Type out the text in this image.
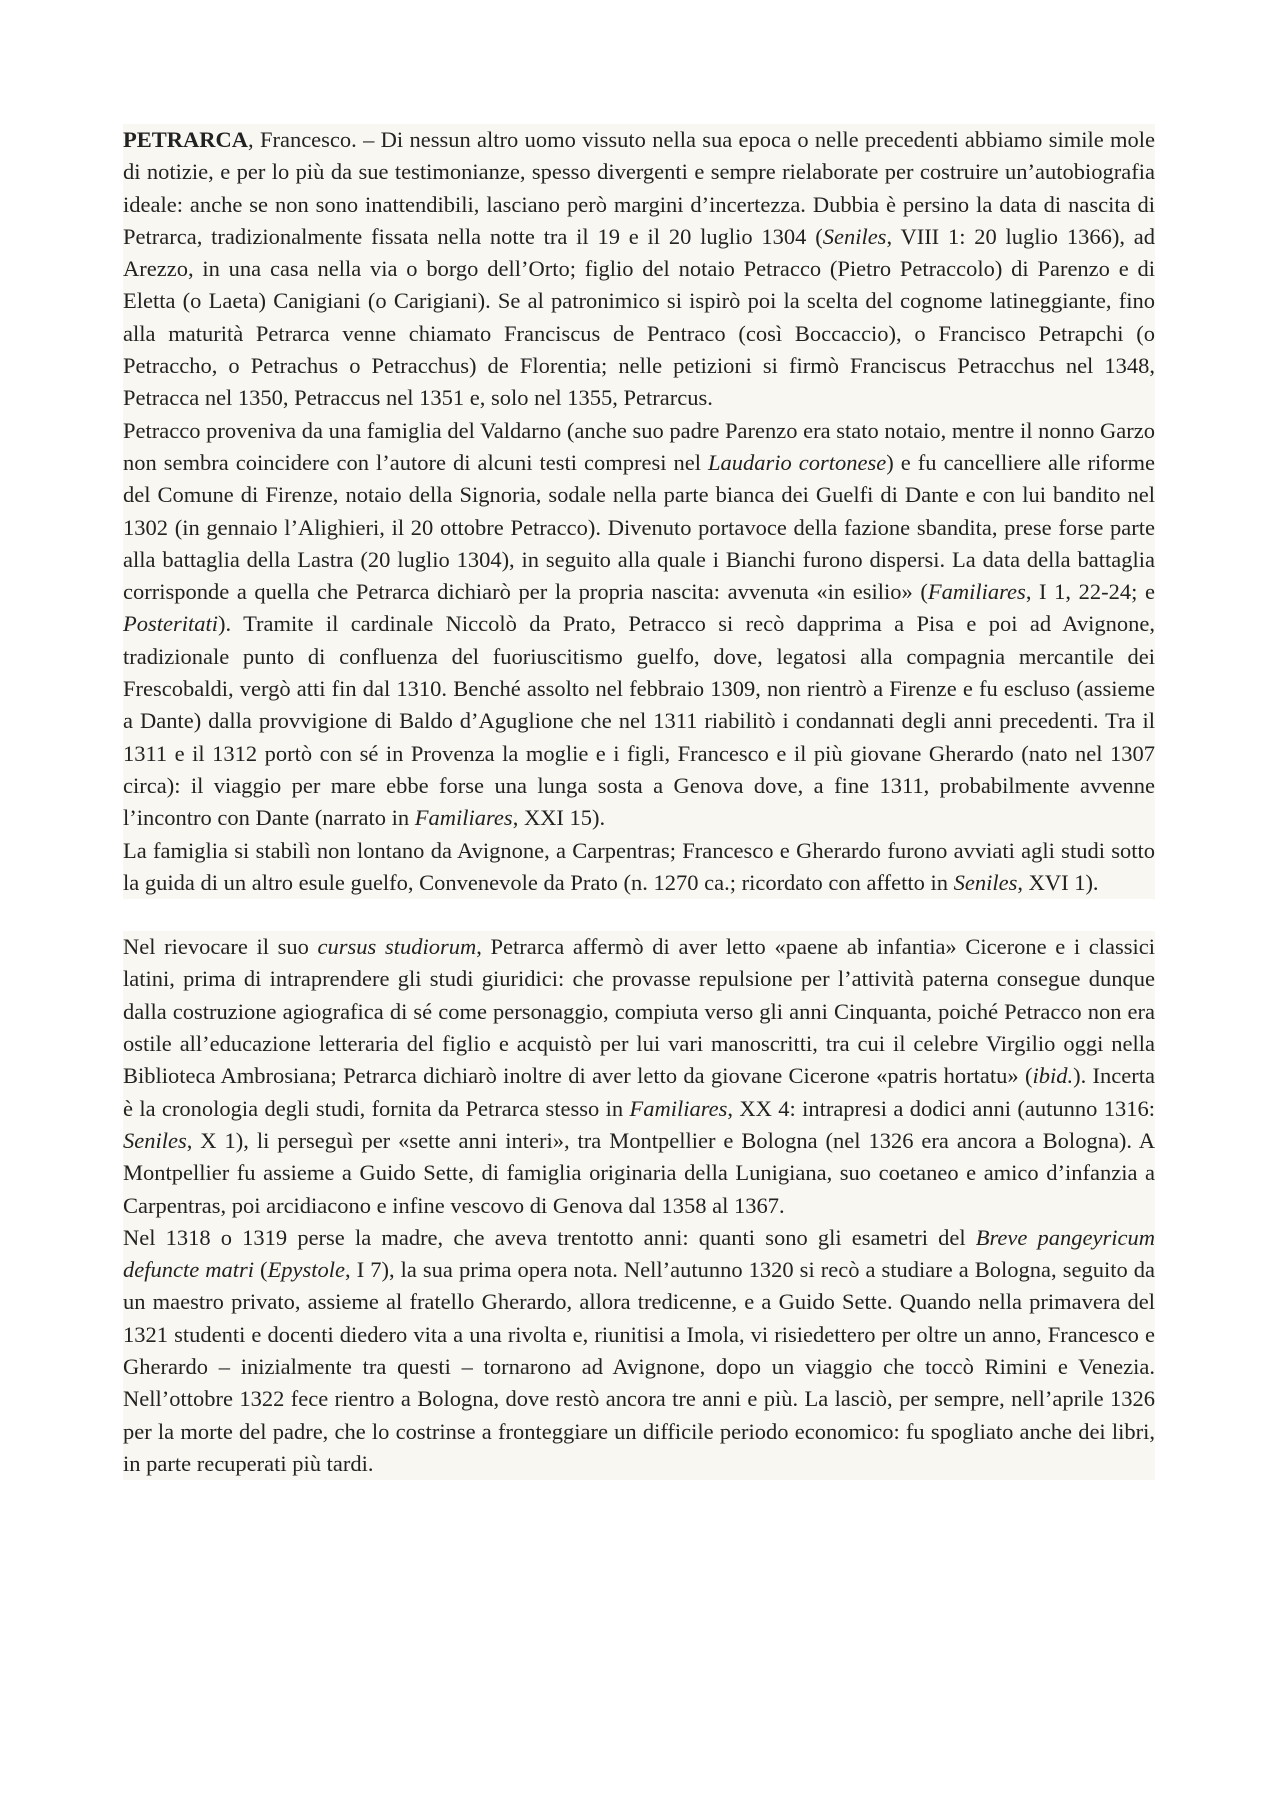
PETRARCA, Francesco. – Di nessun altro uomo vissuto nella sua epoca o nelle precedenti abbiamo simile mole di notizie, e per lo più da sue testimonianze, spesso divergenti e sempre rielaborate per costruire un’autobiografia ideale: anche se non sono inattendibili, lasciano però margini d’incertezza. Dubbia è persino la data di nascita di Petrarca, tradizionalmente fissata nella notte tra il 19 e il 20 luglio 1304 (Seniles, VIII 1: 20 luglio 1366), ad Arezzo, in una casa nella via o borgo dell’Orto; figlio del notaio Petracco (Pietro Petraccolo) di Parenzo e di Eletta (o Laeta) Canigiani (o Carigiani). Se al patronimico si ispirò poi la scelta del cognome latineggiante, fino alla maturità Petrarca venne chiamato Franciscus de Pentraco (così Boccaccio), o Francisco Petrapchi (o Petraccho, o Petrachus o Petracchus) de Florentia; nelle petizioni si firmò Franciscus Petracchus nel 1348, Petracca nel 1350, Petraccus nel 1351 e, solo nel 1355, Petrarcus.

Petracco proveniva da una famiglia del Valdarno (anche suo padre Parenzo era stato notaio, mentre il nonno Garzo non sembra coincidere con l’autore di alcuni testi compresi nel Laudario cortonese) e fu cancelliere alle riforme del Comune di Firenze, notaio della Signoria, sodale nella parte bianca dei Guelfi di Dante e con lui bandito nel 1302 (in gennaio l’Alighieri, il 20 ottobre Petracco). Divenuto portavoce della fazione sbandita, prese forse parte alla battaglia della Lastra (20 luglio 1304), in seguito alla quale i Bianchi furono dispersi. La data della battaglia corrisponde a quella che Petrarca dichiarò per la propria nascita: avvenuta «in esilio» (Familiares, I 1, 22-24; e Posteritati). Tramite il cardinale Niccolò da Prato, Petracco si recò dapprima a Pisa e poi ad Avignone, tradizionale punto di confluenza del fuoriuscitismo guelfo, dove, legatosi alla compagnia mercantile dei Frescobaldi, vergò atti fin dal 1310. Benché assolto nel febbraio 1309, non rientrò a Firenze e fu escluso (assieme a Dante) dalla provvigione di Baldo d’Aguglione che nel 1311 riabilitò i condannati degli anni precedenti. Tra il 1311 e il 1312 portò con sé in Provenza la moglie e i figli, Francesco e il più giovane Gherardo (nato nel 1307 circa): il viaggio per mare ebbe forse una lunga sosta a Genova dove, a fine 1311, probabilmente avvenne l’incontro con Dante (narrato in Familiares, XXI 15).

La famiglia si stabilì non lontano da Avignone, a Carpentras; Francesco e Gherardo furono avviati agli studi sotto la guida di un altro esule guelfo, Convenevole da Prato (n. 1270 ca.; ricordato con affetto in Seniles, XVI 1).

Nel rievocare il suo cursus studiorum, Petrarca affermò di aver letto «paene ab infantia» Cicerone e i classici latini, prima di intraprendere gli studi giuridici: che provasse repulsione per l’attività paterna consegue dunque dalla costruzione agiografica di sé come personaggio, compiuta verso gli anni Cinquanta, poiché Petracco non era ostile all’educazione letteraria del figlio e acquistò per lui vari manoscritti, tra cui il celebre Virgilio oggi nella Biblioteca Ambrosiana; Petrarca dichiarò inoltre di aver letto da giovane Cicerone «patris hortatu» (ibid.). Incerta è la cronologia degli studi, fornita da Petrarca stesso in Familiares, XX 4: intrapresi a dodici anni (autunno 1316: Seniles, X 1), li perseguì per «sette anni interi», tra Montpellier e Bologna (nel 1326 era ancora a Bologna). A Montpellier fu assieme a Guido Sette, di famiglia originaria della Lunigiana, suo coetaneo e amico d’infanzia a Carpentras, poi arcidiacono e infine vescovo di Genova dal 1358 al 1367.

Nel 1318 o 1319 perse la madre, che aveva trentotto anni: quanti sono gli esametri del Breve pangeyricum defuncte matri (Epystole, I 7), la sua prima opera nota. Nell’autunno 1320 si recò a studiare a Bologna, seguito da un maestro privato, assieme al fratello Gherardo, allora tredicenne, e a Guido Sette. Quando nella primavera del 1321 studenti e docenti diedero vita a una rivolta e, riunitisi a Imola, vi risiedettero per oltre un anno, Francesco e Gherardo – inizialmente tra questi – tornarono ad Avignone, dopo un viaggio che toccò Rimini e Venezia. Nell’ottobre 1322 fece rientro a Bologna, dove restò ancora tre anni e più. La lasciò, per sempre, nell’aprile 1326 per la morte del padre, che lo costrinse a fronteggiare un difficile periodo economico: fu spogliato anche dei libri, in parte recuperati più tardi.
